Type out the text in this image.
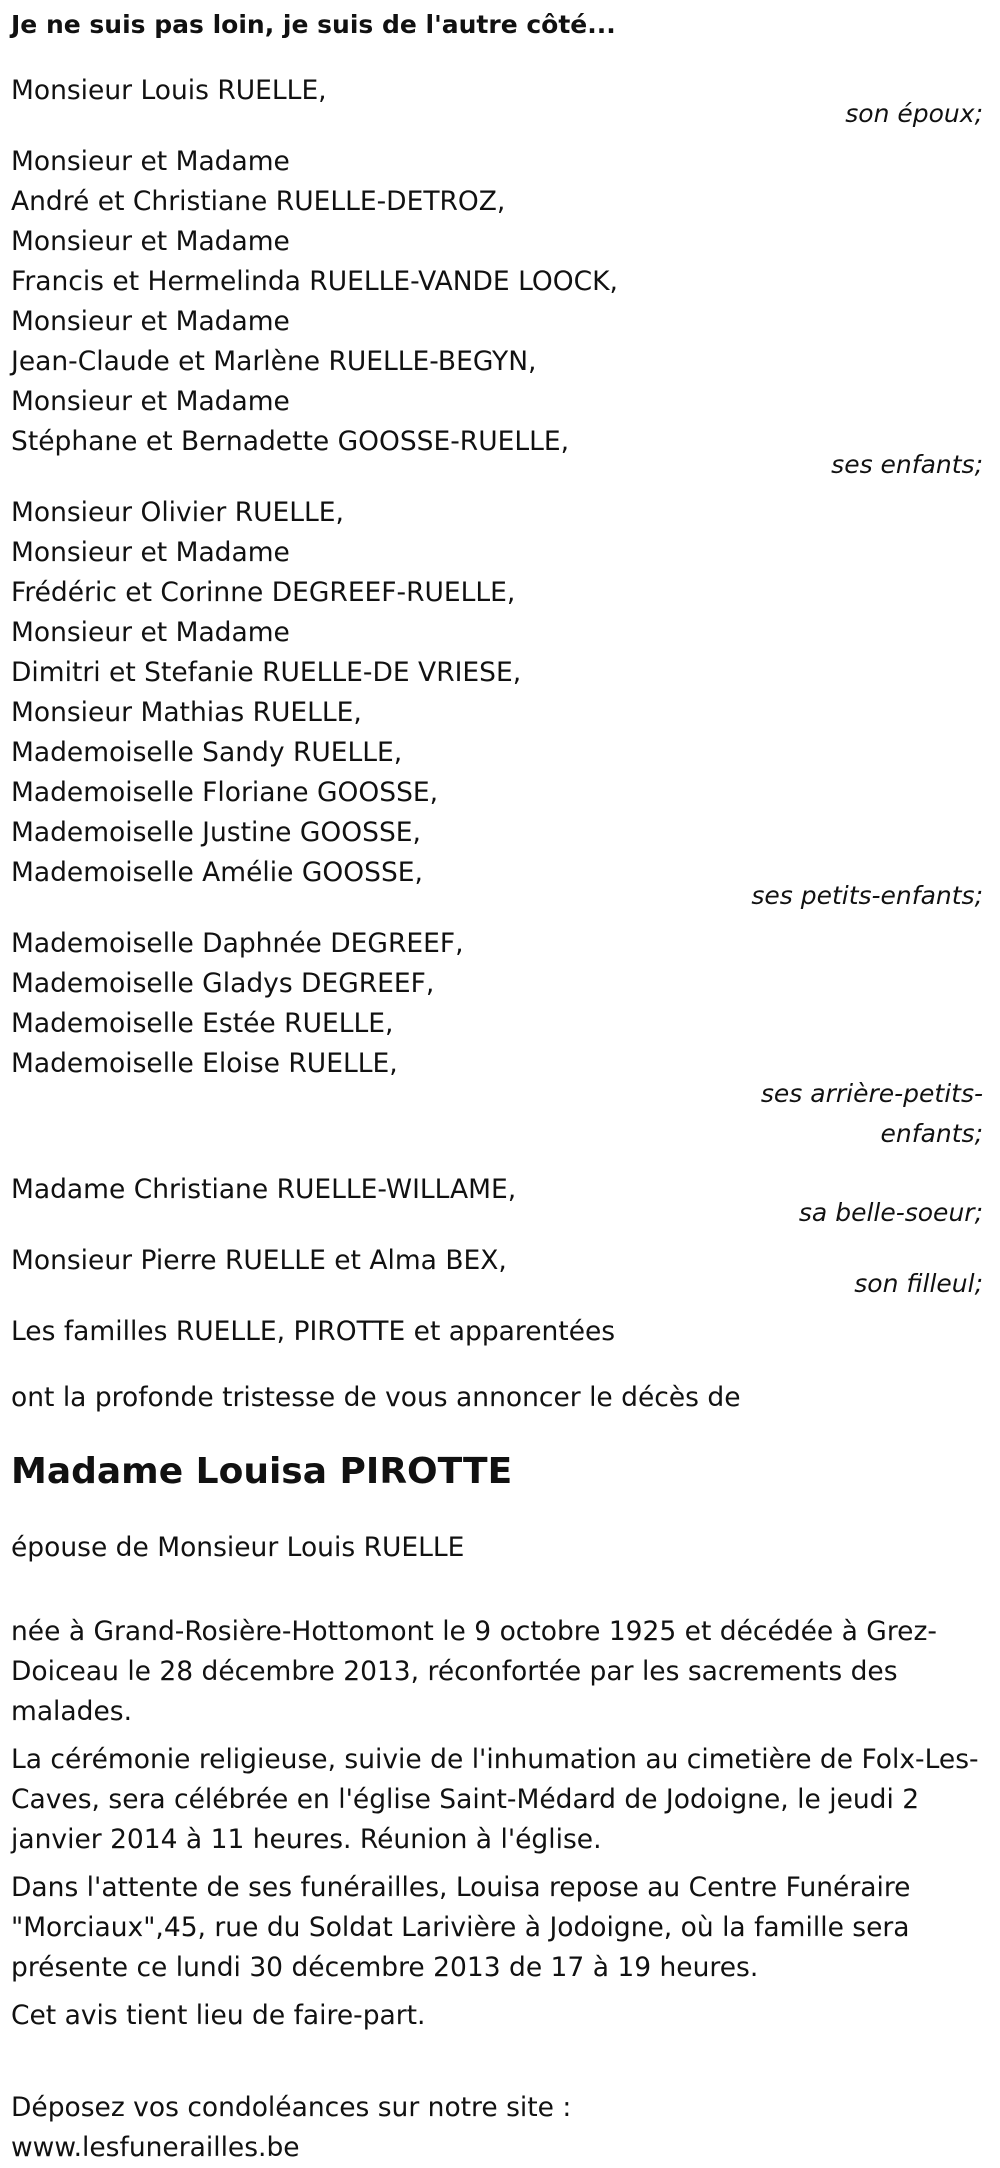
Je ne suis pas loin, je suis de l'autre côté...
Monsieur Louis RUELLE,
son époux;
Monsieur et Madame
André et Christiane RUELLE-DETROZ,
Monsieur et Madame
Francis et Hermelinda RUELLE-VANDE LOOCK,
Monsieur et Madame
Jean-Claude et Marlène RUELLE-BEGYN,
Monsieur et Madame
Stéphane et Bernadette GOOSSE-RUELLE,
ses enfants;
Monsieur Olivier RUELLE,
Monsieur et Madame
Frédéric et Corinne DEGREEF-RUELLE,
Monsieur et Madame
Dimitri et Stefanie RUELLE-DE VRIESE,
Monsieur Mathias RUELLE,
Mademoiselle Sandy RUELLE,
Mademoiselle Floriane GOOSSE,
Mademoiselle Justine GOOSSE,
Mademoiselle Amélie GOOSSE,
ses petits-enfants;
Mademoiselle Daphnée DEGREEF,
Mademoiselle Gladys DEGREEF,
Mademoiselle Estée RUELLE,
Mademoiselle Eloise RUELLE,
ses arrière-petits-
enfants;
Madame Christiane RUELLE-WILLAME,
sa belle-soeur;
Monsieur Pierre RUELLE et Alma BEX,
son filleul;
Les familles RUELLE, PIROTTE et apparentées
ont la profonde tristesse de vous annoncer le décès de
Madame Louisa PIROTTE
épouse de Monsieur Louis RUELLE
née à Grand-Rosière-Hottomont le 9 octobre 1925 et décédée à Grez-Doiceau le 28 décembre 2013, réconfortée par les sacrements des malades.
La cérémonie religieuse, suivie de l'inhumation au cimetière de Folx-Les-Caves, sera célébrée en l'église Saint-Médard de Jodoigne, le jeudi 2 janvier 2014 à 11 heures. Réunion à l'église.
Dans l'attente de ses funérailles, Louisa repose au Centre Funéraire "Morciaux",45, rue du Soldat Larivière à Jodoigne, où la famille sera présente ce lundi 30 décembre 2013 de 17 à 19 heures.
Cet avis tient lieu de faire-part.
Déposez vos condoléances sur notre site :
www.lesfunerailles.be
